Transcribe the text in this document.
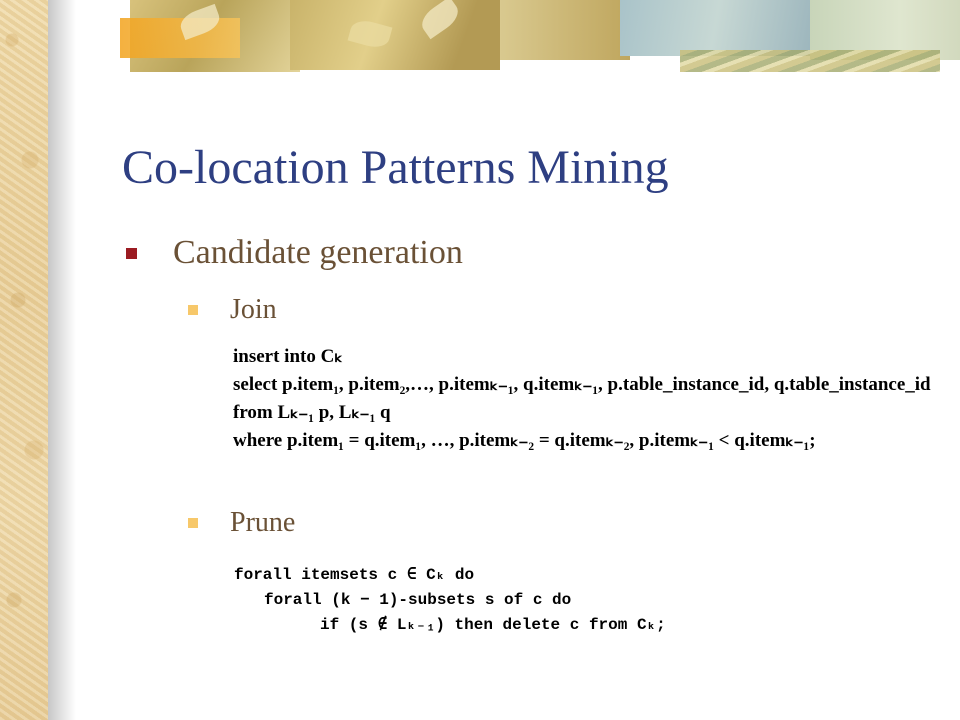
Co-location Patterns Mining
Candidate generation
Join
insert into Cₖ
select p.item₁, p.item₂,…, p.itemₖ₋₁, q.itemₖ₋₁, p.table_instance_id, q.table_instance_id
from Lₖ₋₁ p, Lₖ₋₁ q
where p.item₁ = q.item₁, …, p.itemₖ₋₂ = q.itemₖ₋₂, p.itemₖ₋₁ < q.itemₖ₋₁;
Prune
forall itemsets c ∈ Cₖ do
forall (k − 1)-subsets s of c do
if (s ∉ Lₖ₋₁) then delete c from Cₖ;
